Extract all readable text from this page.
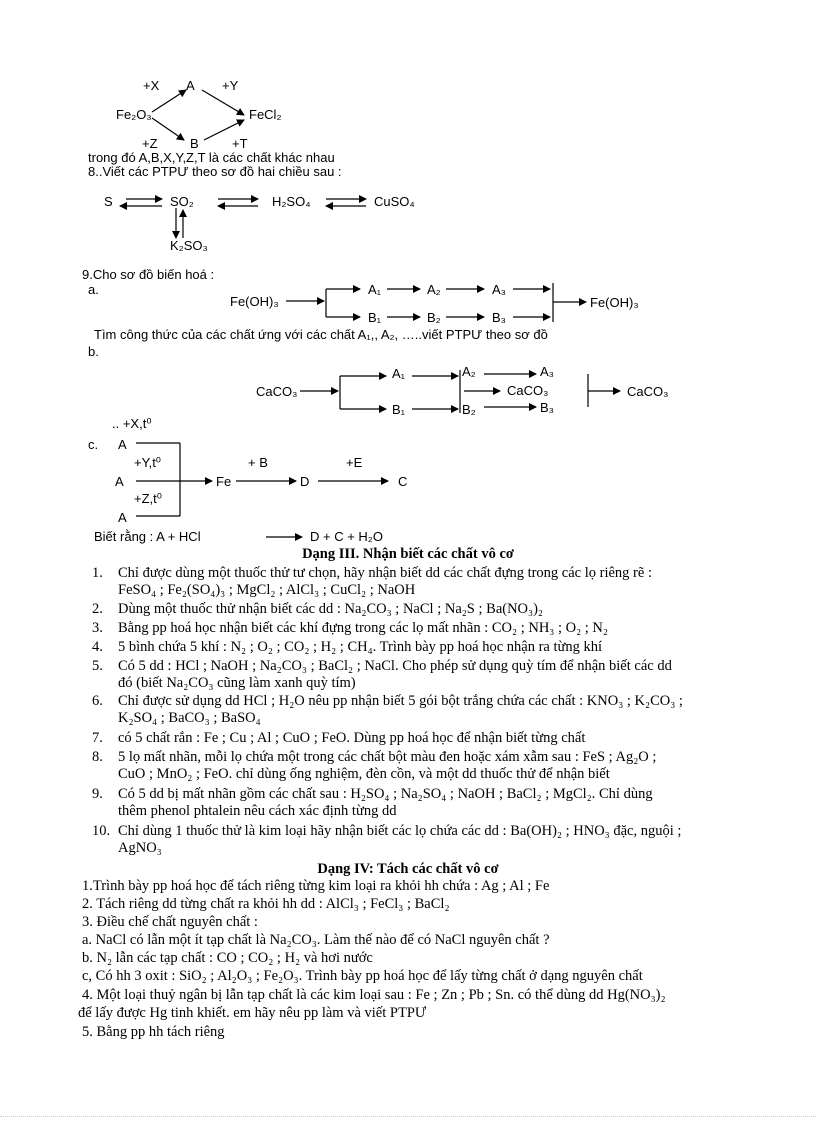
+X A +Y
Fe₂O₃	FeCl₂
+Z B	+T
trong đó A,B,X,Y,Z,T là các chất khác nhau
8..Viết các PTPƯ theo sơ đồ hai chiều sau :
S	SO₂	H₂SO₄	CuSO₄
K₂SO₃
9.Cho sơ đồ biến hoá :
a.
Fe(OH)₃
A₁	A₂	A₃
B₁	B₂	B₃
Fe(OH)₃
Tìm công thức của các chất ứng với các chất A₁,, A₂, …..viết PTPƯ theo sơ đồ
b.
CaCO₃
A₁	A₂	A₃
CaCO₃
B₁	B₂	B₃
CaCO₃
.. +X,t⁰
c. A
+Y,t⁰
A
+Z,t⁰
A
Fe
+ B
D
+E
C
Biết rằng : A + HCl	D + C + H₂O
Dạng III. Nhận biết các chất vô cơ
1. Chỉ được dùng một thuốc thử tư chọn, hãy nhận biết dd các chất đựng trong các lọ riêng rẽ :
FeSO₄ ; Fe₂(SO₄)₃ ; MgCl₂ ; AlCl₃ ; CuCl₂ ; NaOH
2. Dùng một thuốc thử nhận biết các dd : Na₂CO₃ ; NaCl ; Na₂S ; Ba(NO₃)₂
3. Bằng pp hoá học nhận biết các khí đựng trong các lọ mất nhãn : CO₂ ; NH₃ ; O₂ ; N₂
4. 5 bình chứa 5 khí : N₂ ; O₂ ; CO₂ ; H₂ ; CH₄. Trình bày pp hoá học nhận ra từng khí
5. Có 5 dd : HCl ; NaOH ; Na₂CO₃ ; BaCl₂ ; NaCl. Cho phép sử dụng quỳ tím để nhận biết các dd
đó (biết Na₂CO₃ cũng làm xanh quỳ tím)
6. Chỉ được sử dụng dd HCl ; H₂O nêu pp nhận biết 5 gói bột trắng chứa các chất : KNO₃ ; K₂CO₃ ;
K₂SO₄ ; BaCO₃ ; BaSO₄
7. có 5 chất rắn : Fe ; Cu ; Al ; CuO ; FeO. Dùng pp hoá học để nhận biết từng chất
8. 5 lọ mất nhãn, mỗi lọ chứa một trong các chất bột màu đen hoặc xám xẫm sau : FeS ; Ag₂O ;
CuO ; MnO₂ ; FeO. chỉ dùng ống nghiệm, đèn cồn, và một dd thuốc thử để nhận biết
9. Có 5 dd bị mất nhãn gồm các chất sau : H₂SO₄ ; Na₂SO₄ ; NaOH ; BaCl₂ ; MgCl₂. Chỉ dùng
thêm phenol phtalein nêu cách xác định từng dd
10. Chỉ dùng 1 thuốc thử là kim loại hãy nhận biết các lọ chứa các dd : Ba(OH)₂ ; HNO₃ đặc, nguội ;
AgNO₃
Dạng IV: Tách các chất vô cơ
1.Trình bày pp hoá học để tách riêng từng kim loại ra khỏi hh chứa : Ag ; Al ; Fe
2. Tách riêng dd từng chất ra khỏi hh dd : AlCl₃ ; FeCl₃ ; BaCl₂
3. Điều chế chất nguyên chất :
a. NaCl có lẫn một ít tạp chất là Na₂CO₃. Làm thế nào để có NaCl nguyên chất ?
b. N₂ lẫn các tạp chất : CO ; CO₂ ; H₂ và hơi nước
c, Có hh 3 oxit : SiO₂ ; Al₂O₃ ; Fe₂O₃. Trình bày pp hoá học để lấy từng chất ở dạng nguyên chất
4. Một loại thuỷ ngân bị lẫn tạp chất là các kim loại sau : Fe ; Zn ; Pb ; Sn. có thể dùng dd Hg(NO₃)₂
để lấy được Hg tinh khiết. em hãy nêu pp làm và viết PTPƯ
5. Bằng pp hh tách riêng
